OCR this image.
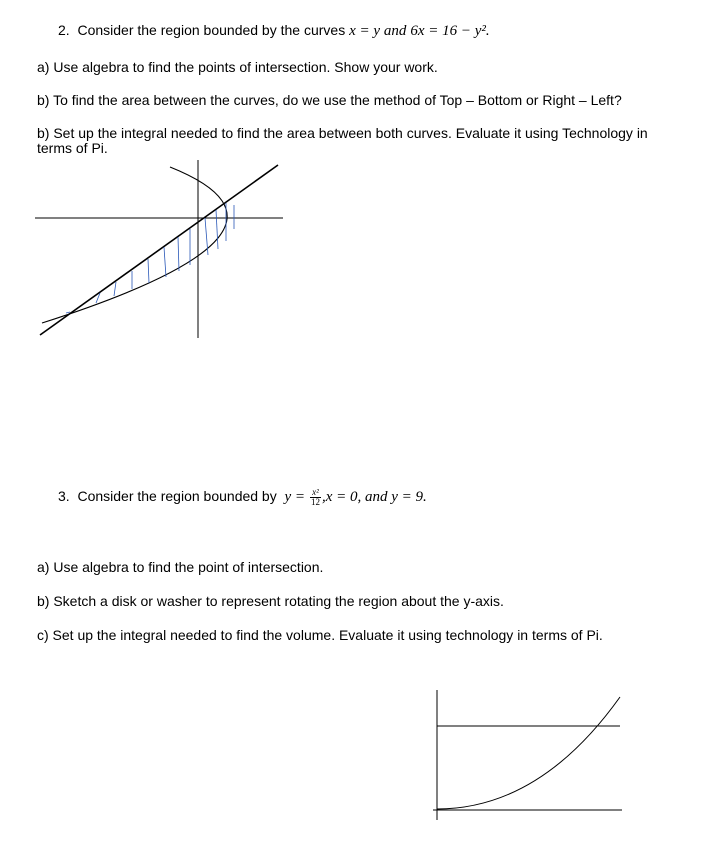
2. Consider the region bounded by the curves x = y and 6x = 16 − y².
a) Use algebra to find the points of intersection. Show your work.
b) To find the area between the curves, do we use the method of Top – Bottom or Right – Left?
b) Set up the integral needed to find the area between both curves. Evaluate it using Technology in terms of Pi.
3. Consider the region bounded by $y = \frac{\text{x²}}{12} ,x = 0$, and y = 9.
a) Use algebra to find the point of intersection.
b) Sketch a disk or washer to represent rotating the region about the y-axis.
c) Set up the integral needed to find the volume. Evaluate it using technology in terms of Pi.
